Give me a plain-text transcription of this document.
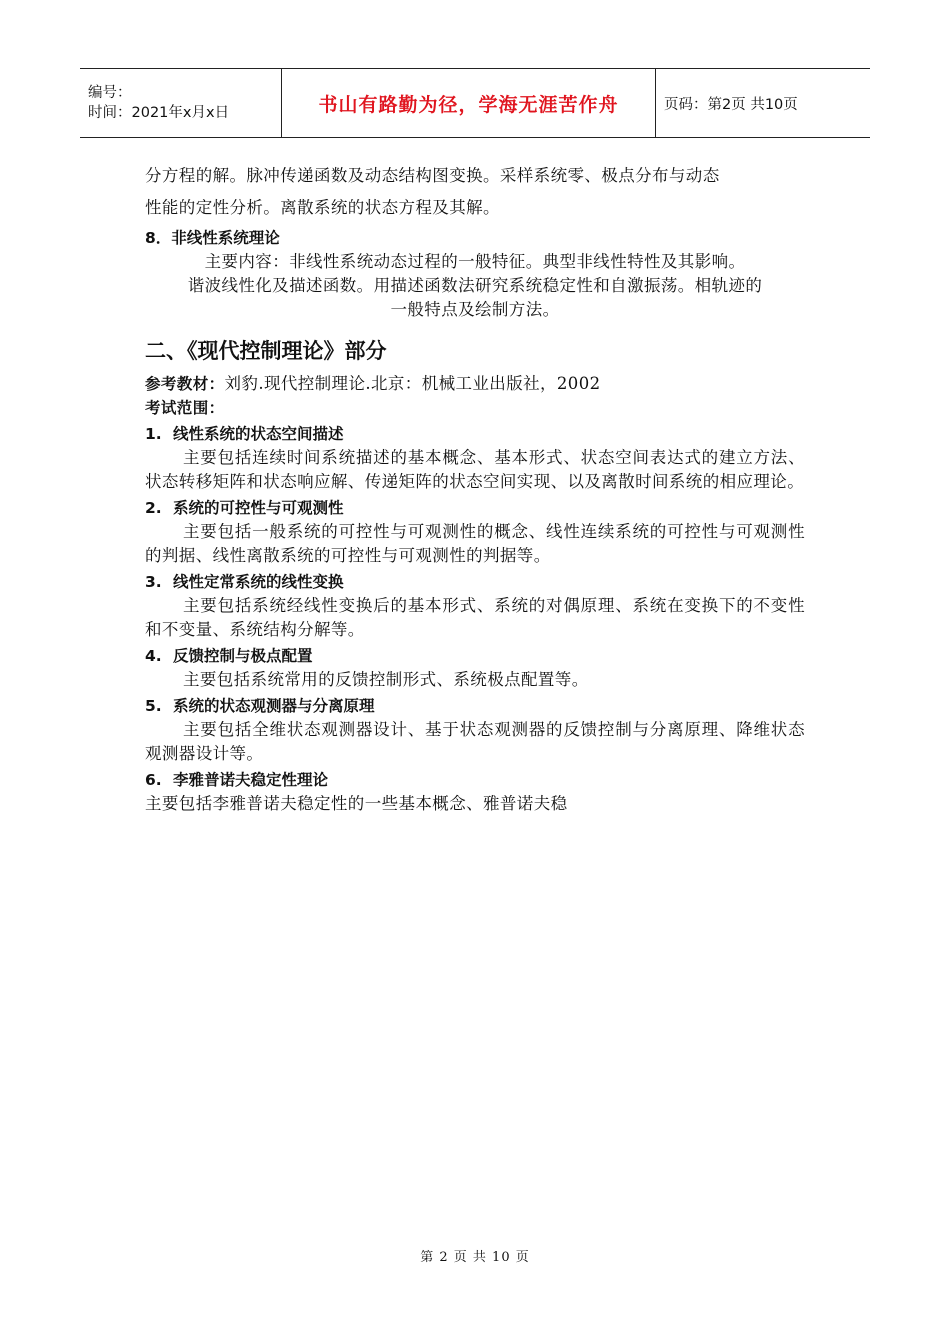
编号：
时间：2021年x月x日	书山有路勤为径，学海无涯苦作舟	页码：第2页 共10页

分方程的解。脉冲传递函数及动态结构图变换。采样系统零、极点分布与动态

性能的定性分析。离散系统的状态方程及其解。

8．非线性系统理论

主要内容：非线性系统动态过程的一般特征。典型非线性特性及其影响。

谐波线性化及描述函数。用描述函数法研究系统稳定性和自激振荡。相轨迹的

一般特点及绘制方法。

二、《现代控制理论》部分

参考教材：刘豹.现代控制理论.北京：机械工业出版社，2002

考试范围：

1. 线性系统的状态空间描述

主要包括连续时间系统描述的基本概念、基本形式、状态空间表达式的建立方法、状态转移矩阵和状态响应解、传递矩阵的状态空间实现、以及离散时间系统的相应理论。

2. 系统的可控性与可观测性

主要包括一般系统的可控性与可观测性的概念、线性连续系统的可控性与可观测性的判据、线性离散系统的可控性与可观测性的判据等。

3. 线性定常系统的线性变换

主要包括系统经线性变换后的基本形式、系统的对偶原理、系统在变换下的不变性和不变量、系统结构分解等。

4. 反馈控制与极点配置

主要包括系统常用的反馈控制形式、系统极点配置等。

5. 系统的状态观测器与分离原理

主要包括全维状态观测器设计、基于状态观测器的反馈控制与分离原理、降维状态观测器设计等。

6. 李雅普诺夫稳定性理论

主要包括李雅普诺夫稳定性的一些基本概念、雅普诺夫稳

第 2 页 共 10 页
